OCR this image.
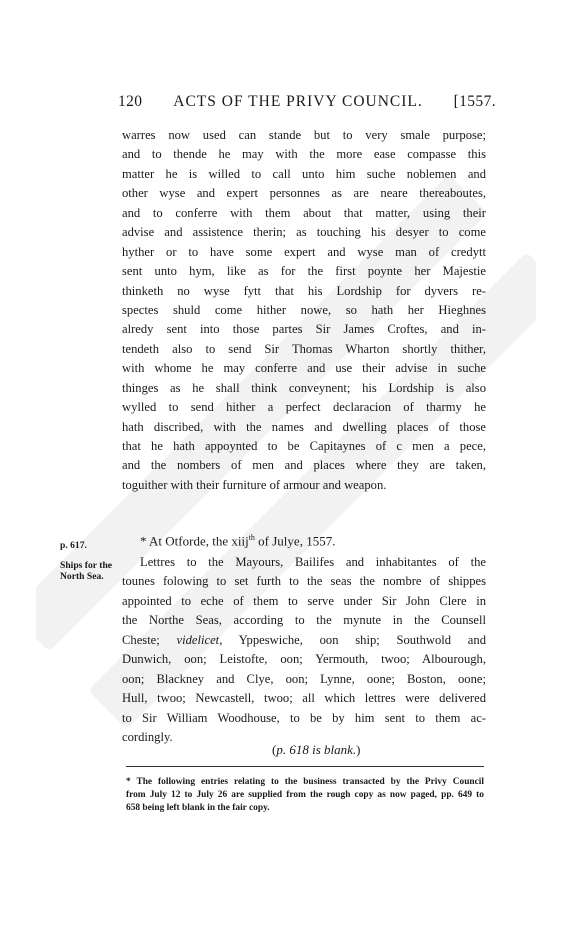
120 ACTS OF THE PRIVY COUNCIL. [1557.
warres now used can stande but to very smale purpose;
and to thende he may with the more ease compasse this
matter he is willed to call unto him suche noblemen and
other wyse and expert personnes as are neare thereaboutes,
and to conferre with them about that matter, using their
advise and assistence therin; as touching his desyer to come
hyther or to have some expert and wyse man of credytt
sent unto hym, like as for the first poynte her Majestie
thinketh no wyse fytt that his Lordship for dyvers re-
spectes shuld come hither nowe, so hath her Hieghnes
alredy sent into those partes Sir James Croftes, and in-
tendeth also to send Sir Thomas Wharton shortly thither,
with whome he may conferre and use their advise in suche
thinges as he shall think conveynent; his Lordship is also
wylled to send hither a perfect declaracion of tharmy he
hath discribed, with the names and dwelling places of those
that he hath appoynted to be Capitaynes of c men a pece,
and the nombers of men and places where they are taken,
toguither with their furniture of armour and weapon.
p. 617.	* At Otforde, the xiij$^{th}$ of Julye, 1557.
Ships for the
North Sea.
Lettres to the Mayours, Bailifes and inhabitantes of the
tounes folowing to set furth to the seas the nombre of shippes
appointed to eche of them to serve under Sir John Clere in
the Northe Seas, according to the mynute in the Counsell
Cheste; videlicet, Yppeswiche, oon ship; Southwold and
Dunwich, oon; Leistofte, oon; Yermouth, twoo; Albourough,
oon; Blackney and Clye, oon; Lynne, oone; Boston, oone;
Hull, twoo; Newcastell, twoo; all which lettres were delivered
to Sir William Woodhouse, to be by him sent to them ac-
cordingly.
(p. 618 is blank.)
* The following entries relating to the business transacted by the Privy Council
from July 12 to July 26 are supplied from the rough copy as now paged, pp. 649 to
658 being left blank in the fair copy.
